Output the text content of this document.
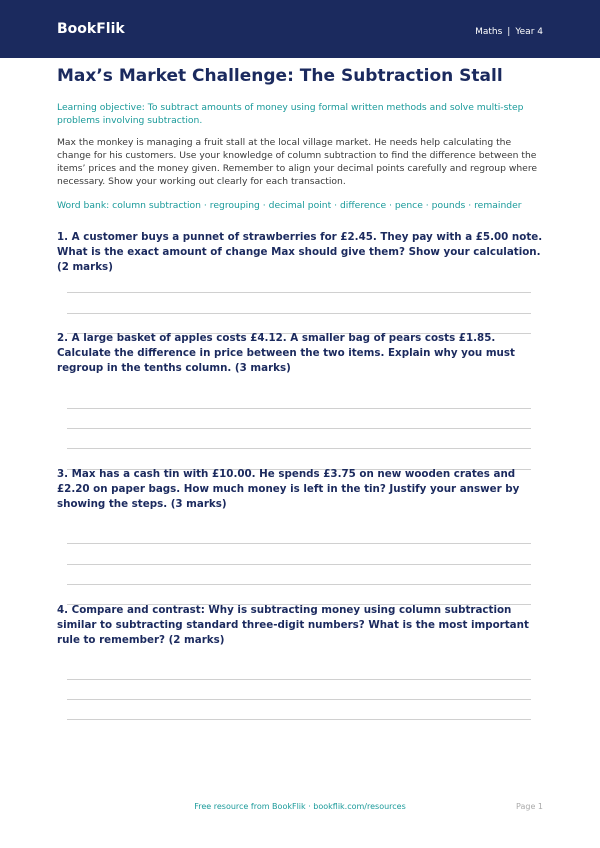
BookFlik	Maths | Year 4
Max’s Market Challenge: The Subtraction Stall

Learning objective: To subtract amounts of money using formal written methods and solve multi-step problems involving subtraction.

Max the monkey is managing a fruit stall at the local village market. He needs help calculating the change for his customers. Use your knowledge of column subtraction to find the difference between the items’ prices and the money given. Remember to align your decimal points carefully and regroup where necessary. Show your working out clearly for each transaction.

Word bank: column subtraction · regrouping · decimal point · difference · pence · pounds · remainder

1. A customer buys a punnet of strawberries for £2.45. They pay with a £5.00 note. What is the exact amount of change Max should give them? Show your calculation. (2 marks)

2. A large basket of apples costs £4.12. A smaller bag of pears costs £1.85. Calculate the difference in price between the two items. Explain why you must regroup in the tenths column. (3 marks)

3. Max has a cash tin with £10.00. He spends £3.75 on new wooden crates and £2.20 on paper bags. How much money is left in the tin? Justify your answer by showing the steps. (3 marks)

4. Compare and contrast: Why is subtracting money using column subtraction similar to subtracting standard three-digit numbers? What is the most important rule to remember? (2 marks)

Free resource from BookFlik · bookflik.com/resources	Page 1
